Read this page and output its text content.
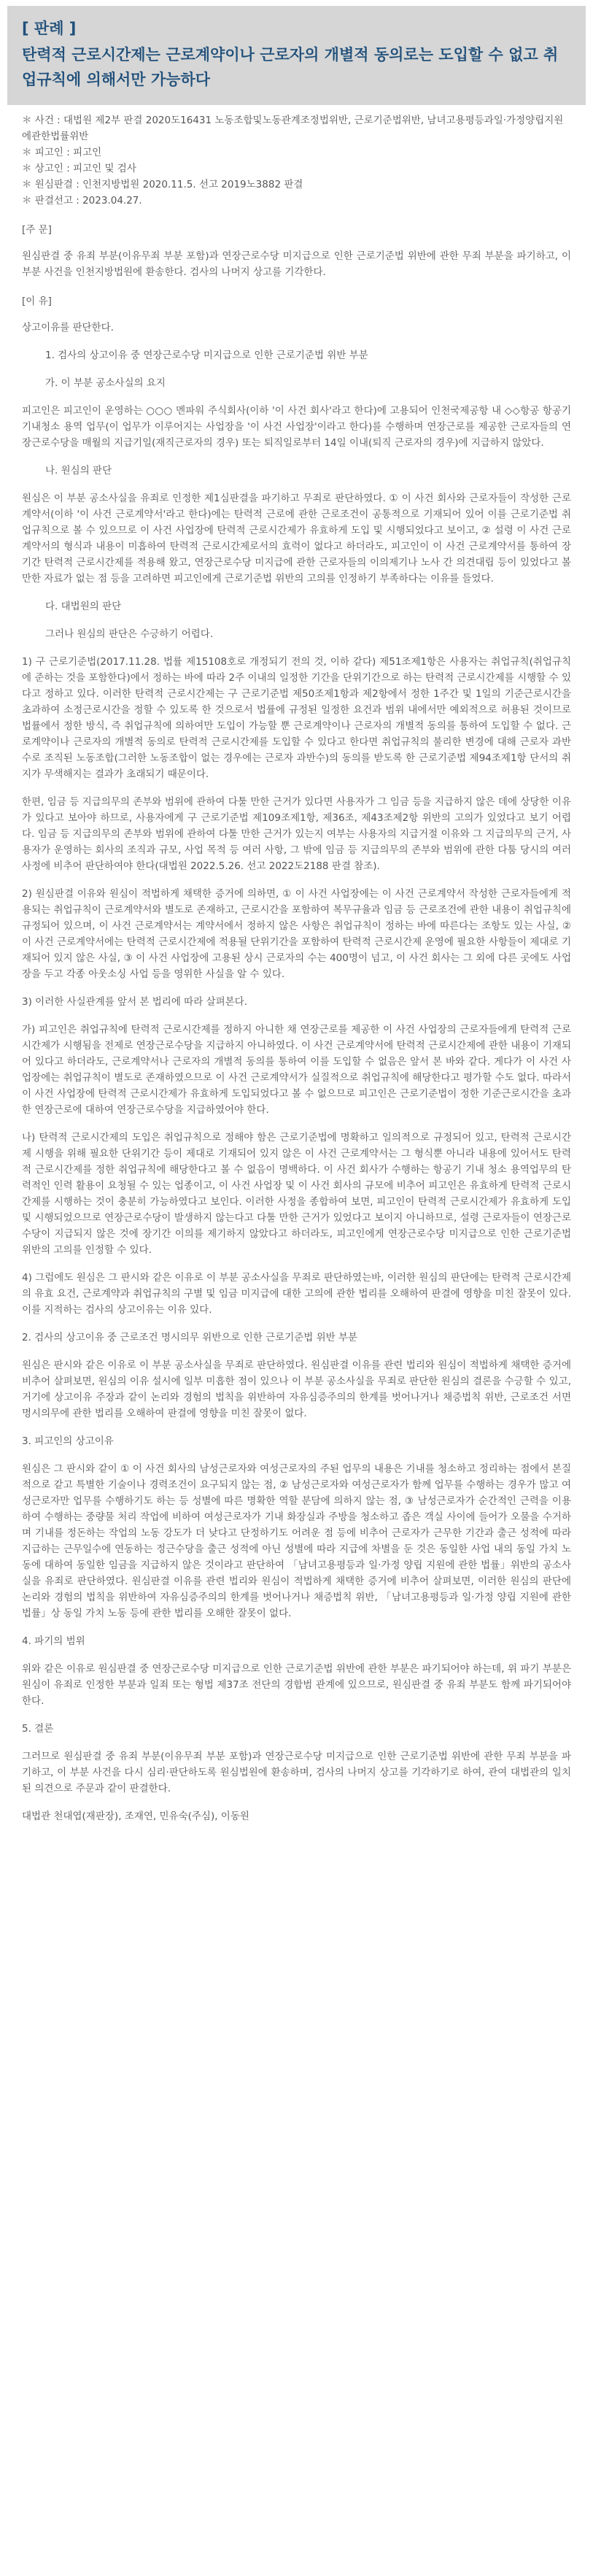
[ 판례 ]
탄력적 근로시간제는 근로계약이나 근로자의 개별적 동의로는 도입할 수 없고 취업규칙에 의해서만 가능하다

＊ 사건 : 대법원 제2부 판결 2020도16431 노동조합및노동관계조정법위반, 근로기준법위반, 남녀고용평등과일·가정양립지원에관한법률위반

＊ 피고인 : 피고인

＊ 상고인 : 피고인 및 검사

＊ 원심판결 : 인천지방법원 2020.11.5. 선고 2019노3882 판결

＊ 판결선고 : 2023.04.27.

[주 문]
원심판결 중 유죄 부분(이유무죄 부분 포함)과 연장근로수당 미지급으로 인한 근로기준법 위반에 관한 무죄 부분을 파기하고, 이 부분 사건을 인천지방법원에 환송한다. 검사의 나머지 상고를 기각한다.
[이 유]
상고이유를 판단한다.
1. 검사의 상고이유 중 연장근로수당 미지급으로 인한 근로기준법 위반 부분
가. 이 부분 공소사실의 요지
피고인은 피고인이 운영하는 ○○○ 멘파워 주식회사(이하 '이 사건 회사'라고 한다)에 고용되어 인천국제공항 내 ◇◇항공 항공기 기내청소 용역 업무(이 업무가 이루어지는 사업장을 '이 사건 사업장'이라고 한다)를 수행하며 연장근로를 제공한 근로자들의 연장근로수당을 매월의 지급기일(재직근로자의 경우) 또는 퇴직일로부터 14일 이내(퇴직 근로자의 경우)에 지급하지 않았다.
나. 원심의 판단
원심은 이 부분 공소사실을 유죄로 인정한 제1심판결을 파기하고 무죄로 판단하였다. ① 이 사건 회사와 근로자들이 작성한 근로계약서(이하 '이 사건 근로계약서'라고 한다)에는 탄력적 근로에 관한 근로조건이 공통적으로 기재되어 있어 이를 근로기준법 취업규칙으로 볼 수 있으므로 이 사건 사업장에 탄력적 근로시간제가 유효하게 도입 및 시행되었다고 보이고, ② 설령 이 사건 근로계약서의 형식과 내용이 미흡하여 탄력적 근로시간제로서의 효력이 없다고 하더라도, 피고인이 이 사건 근로계약서를 통하여 장기간 탄력적 근로시간제를 적용해 왔고, 연장근로수당 미지급에 관한 근로자들의 이의제기나 노사 간 의견대립 등이 있었다고 볼 만한 자료가 없는 점 등을 고려하면 피고인에게 근로기준법 위반의 고의를 인정하기 부족하다는 이유를 들었다.
다. 대법원의 판단
그러나 원심의 판단은 수긍하기 어렵다.
1) 구 근로기준법(2017.11.28. 법률 제15108호로 개정되기 전의 것, 이하 같다) 제51조제1항은 사용자는 취업규칙(취업규칙에 준하는 것을 포함한다)에서 정하는 바에 따라 2주 이내의 일정한 기간을 단위기간으로 하는 탄력적 근로시간제를 시행할 수 있다고 정하고 있다. 이러한 탄력적 근로시간제는 구 근로기준법 제50조제1항과 제2항에서 정한 1주간 및 1일의 기준근로시간을 초과하여 소정근로시간을 정할 수 있도록 한 것으로서 법률에 규정된 일정한 요건과 범위 내에서만 예외적으로 허용된 것이므로 법률에서 정한 방식, 즉 취업규칙에 의하여만 도입이 가능할 뿐 근로계약이나 근로자의 개별적 동의를 통하여 도입할 수 없다. 근로계약이나 근로자의 개별적 동의로 탄력적 근로시간제를 도입할 수 있다고 한다면 취업규칙의 불리한 변경에 대해 근로자 과반수로 조직된 노동조합(그러한 노동조합이 없는 경우에는 근로자 과반수)의 동의를 받도록 한 근로기준법 제94조제1항 단서의 취지가 무색해지는 결과가 초래되기 때문이다.
한편, 임금 등 지급의무의 존부와 범위에 관하여 다툴 만한 근거가 있다면 사용자가 그 임금 등을 지급하지 않은 데에 상당한 이유가 있다고 보아야 하므로, 사용자에게 구 근로기준법 제109조제1항, 제36조, 제43조제2항 위반의 고의가 있었다고 보기 어렵다. 임금 등 지급의무의 존부와 범위에 관하여 다툴 만한 근거가 있는지 여부는 사용자의 지급거절 이유와 그 지급의무의 근거, 사용자가 운영하는 회사의 조직과 규모, 사업 목적 등 여러 사항, 그 밖에 임금 등 지급의무의 존부와 범위에 관한 다툼 당시의 여러 사정에 비추어 판단하여야 한다(대법원 2022.5.26. 선고 2022도2188 판결 참조).
2) 원심판결 이유와 원심이 적법하게 채택한 증거에 의하면, ① 이 사건 사업장에는 이 사건 근로계약서 작성한 근로자들에게 적용되는 취업규칙이 근로계약서와 별도로 존재하고, 근로시간을 포함하여 복무규율과 임금 등 근로조건에 관한 내용이 취업규칙에 규정되어 있으며, 이 사건 근로계약서는 계약서에서 정하지 않은 사항은 취업규칙이 정하는 바에 따른다는 조항도 있는 사실, ② 이 사건 근로계약서에는 탄력적 근로시간제에 적용될 단위기간을 포함하여 탄력적 근로시간제 운영에 필요한 사항들이 제대로 기재되어 있지 않은 사실, ③ 이 사건 사업장에 고용된 상시 근로자의 수는 400명이 넘고, 이 사건 회사는 그 외에 다른 곳에도 사업장을 두고 각종 아웃소싱 사업 등을 영위한 사실을 알 수 있다.
3) 이러한 사실관계를 앞서 본 법리에 따라 살펴본다.
가) 피고인은 취업규칙에 탄력적 근로시간제를 정하지 아니한 채 연장근로를 제공한 이 사건 사업장의 근로자들에게 탄력적 근로시간제가 시행됨을 전제로 연장근로수당을 지급하지 아니하였다. 이 사건 근로계약서에 탄력적 근로시간제에 관한 내용이 기재되어 있다고 하더라도, 근로계약서나 근로자의 개별적 동의를 통하여 이를 도입할 수 없음은 앞서 본 바와 같다. 게다가 이 사건 사업장에는 취업규칙이 별도로 존재하였으므로 이 사건 근로계약서가 실질적으로 취업규칙에 해당한다고 평가할 수도 없다. 따라서 이 사건 사업장에 탄력적 근로시간제가 유효하게 도입되었다고 볼 수 없으므로 피고인은 근로기준법이 정한 기준근로시간을 초과한 연장근로에 대하여 연장근로수당을 지급하였어야 한다.
나) 탄력적 근로시간제의 도입은 취업규칙으로 정해야 함은 근로기준법에 명확하고 일의적으로 규정되어 있고, 탄력적 근로시간제 시행을 위해 필요한 단위기간 등이 제대로 기재되어 있지 않은 이 사건 근로계약서는 그 형식뿐 아니라 내용에 있어서도 탄력적 근로시간제를 정한 취업규칙에 해당한다고 볼 수 없음이 명백하다. 이 사건 회사가 수행하는 항공기 기내 청소 용역업무의 탄력적인 인력 활용이 요청될 수 있는 업종이고, 이 사건 사업장 및 이 사건 회사의 규모에 비추어 피고인은 유효하게 탄력적 근로시간제를 시행하는 것이 충분히 가능하였다고 보인다. 이러한 사정을 종합하여 보면, 피고인이 탄력적 근로시간제가 유효하게 도입 및 시행되었으므로 연장근로수당이 발생하지 않는다고 다툴 만한 근거가 있었다고 보이지 아니하므로, 설령 근로자들이 연장근로수당이 지급되지 않은 것에 장기간 이의를 제기하지 않았다고 하더라도, 피고인에게 연장근로수당 미지급으로 인한 근로기준법 위반의 고의를 인정할 수 있다.
4) 그럼에도 원심은 그 판시와 같은 이유로 이 부분 공소사실을 무죄로 판단하였는바, 이러한 원심의 판단에는 탄력적 근로시간제의 유효 요건, 근로계약과 취업규칙의 구별 및 임금 미지급에 대한 고의에 관한 법리를 오해하여 판결에 영향을 미친 잘못이 있다. 이를 지적하는 검사의 상고이유는 이유 있다.
2. 검사의 상고이유 중 근로조건 명시의무 위반으로 인한 근로기준법 위반 부분
원심은 판시와 같은 이유로 이 부분 공소사실을 무죄로 판단하였다. 원심판결 이유를 관련 법리와 원심이 적법하게 채택한 증거에 비추어 살펴보면, 원심의 이유 설시에 일부 미흡한 점이 있으나 이 부분 공소사실을 무죄로 판단한 원심의 결론을 수긍할 수 있고, 거기에 상고이유 주장과 같이 논리와 경험의 법칙을 위반하여 자유심증주의의 한계를 벗어나거나 채증법칙 위반, 근로조건 서면명시의무에 관한 법리를 오해하여 판결에 영향을 미친 잘못이 없다.
3. 피고인의 상고이유
원심은 그 판시와 같이 ① 이 사건 회사의 남성근로자와 여성근로자의 주된 업무의 내용은 기내를 청소하고 정리하는 점에서 본질적으로 같고 특별한 기술이나 경력조건이 요구되지 않는 점, ② 남성근로자와 여성근로자가 함께 업무를 수행하는 경우가 많고 여성근로자만 업무를 수행하기도 하는 등 성별에 따른 명확한 역할 분담에 의하지 않는 점, ③ 남성근로자가 순간적인 근력을 이용하여 수행하는 중량물 처리 작업에 비하여 여성근로자가 기내 화장실과 주방을 청소하고 좁은 객실 사이에 들어가 오물을 수거하며 기내를 정돈하는 작업의 노동 강도가 더 낮다고 단정하기도 어려운 점 등에 비추어 근로자가 근무한 기간과 출근 성적에 따라 지급하는 근무일수에 연동하는 정근수당을 출근 성적에 아닌 성별에 따라 지급에 차별을 둔 것은 동일한 사업 내의 동일 가치 노동에 대하여 동일한 임금을 지급하지 않은 것이라고 판단하여 「남녀고용평등과 일·가정 양립 지원에 관한 법률」위반의 공소사실을 유죄로 판단하였다. 원심판결 이유를 관련 법리와 원심이 적법하게 채택한 증거에 비추어 살펴보면, 이러한 원심의 판단에 논리와 경험의 법칙을 위반하여 자유심증주의의 한계를 벗어나거나 채증법칙 위반, 「남녀고용평등과 일·가정 양립 지원에 관한 법률」상 동일 가치 노동 등에 관한 법리를 오해한 잘못이 없다.
4. 파기의 범위
위와 같은 이유로 원심판결 중 연장근로수당 미지급으로 인한 근로기준법 위반에 관한 부분은 파기되어야 하는데, 위 파기 부분은 원심이 유죄로 인정한 부분과 일죄 또는 형법 제37조 전단의 경합범 관계에 있으므로, 원심판결 중 유죄 부분도 함께 파기되어야 한다.
5. 결론
그러므로 원심판결 중 유죄 부분(이유무죄 부분 포함)과 연장근로수당 미지급으로 인한 근로기준법 위반에 관한 무죄 부분을 파기하고, 이 부분 사건을 다시 심리·판단하도록 원심법원에 환송하며, 검사의 나머지 상고를 기각하기로 하여, 관여 대법관의 일치된 의견으로 주문과 같이 판결한다.
대법관 천대엽(재판장), 조재연, 민유숙(주심), 이동원
